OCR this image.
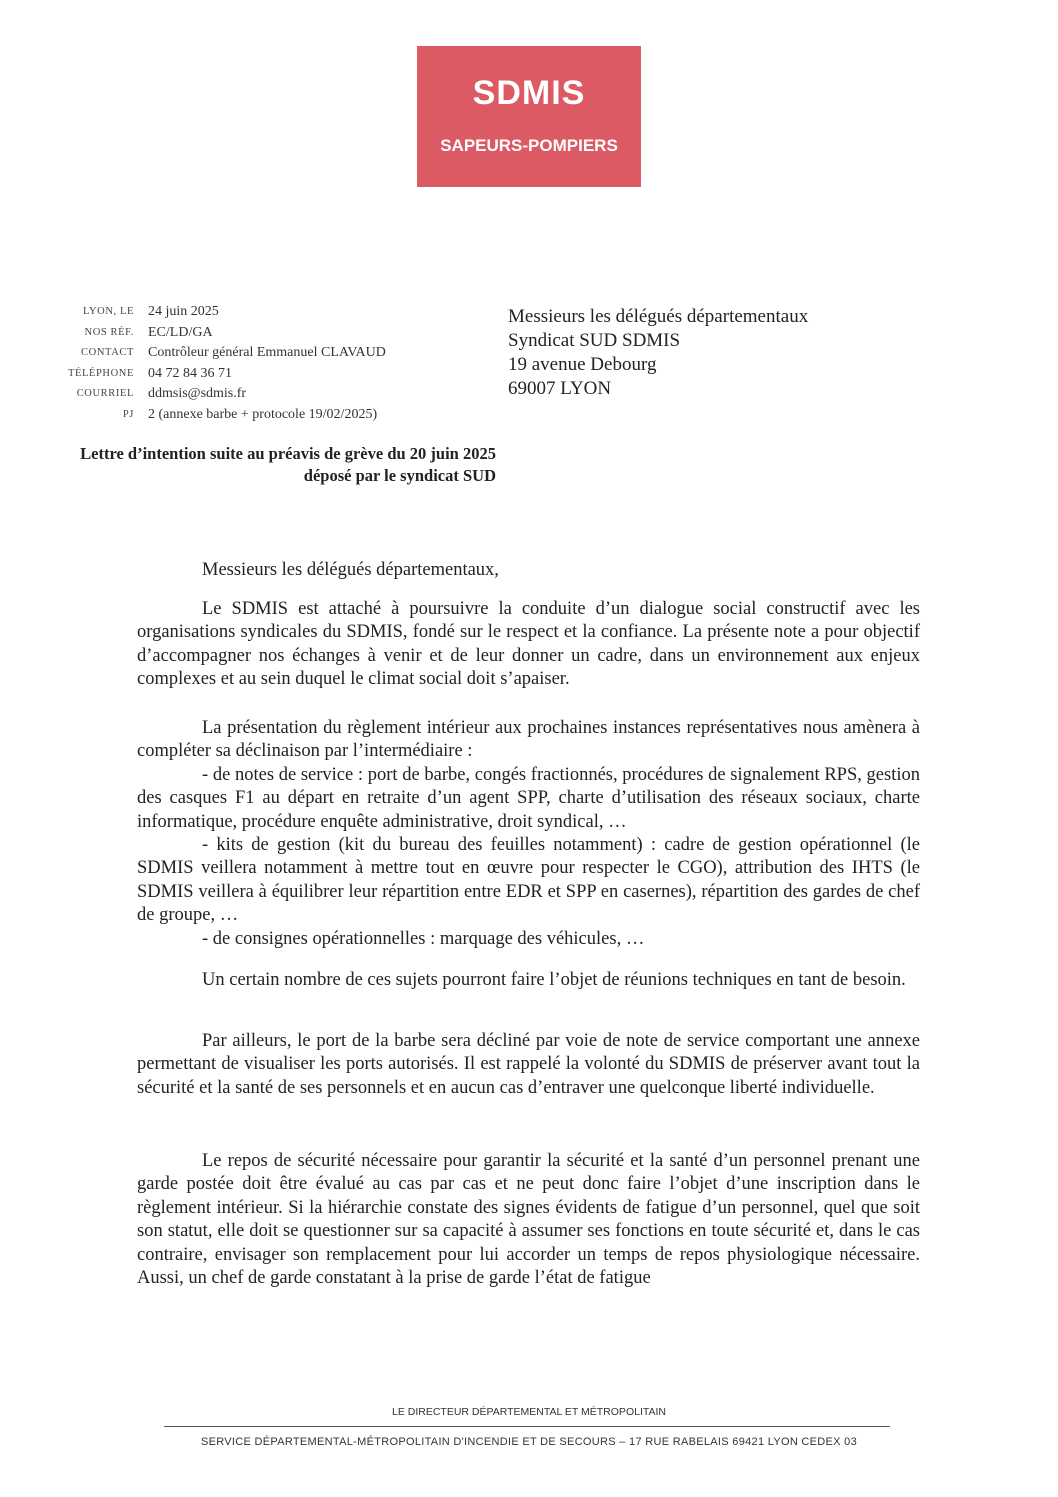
SDMIS
SAPEURS-POMPIERS
LYON, LE	24 juin 2025
NOS RÉF.	EC/LD/GA
CONTACT	Contrôleur général Emmanuel CLAVAUD
TÉLÉPHONE	04 72 84 36 71
COURRIEL	ddmsis@sdmis.fr
PJ	2 (annexe barbe + protocole 19/02/2025)
Messieurs les délégués départementaux
Syndicat SUD SDMIS
19 avenue Debourg
69007 LYON
Lettre d’intention suite au préavis de grève du 20 juin 2025 déposé par le syndicat SUD

Messieurs les délégués départementaux,

Le SDMIS est attaché à poursuivre la conduite d’un dialogue social constructif avec les organisations syndicales du SDMIS, fondé sur le respect et la confiance. La présente note a pour objectif d’accompagner nos échanges à venir et de leur donner un cadre, dans un environnement aux enjeux complexes et au sein duquel le climat social doit s’apaiser.

La présentation du règlement intérieur aux prochaines instances représentatives nous amènera à compléter sa déclinaison par l’intermédiaire :

- de notes de service : port de barbe, congés fractionnés, procédures de signalement RPS, gestion des casques F1 au départ en retraite d’un agent SPP, charte d’utilisation des réseaux sociaux, charte informatique, procédure enquête administrative, droit syndical, …

- kits de gestion (kit du bureau des feuilles notamment) : cadre de gestion opérationnel (le SDMIS veillera notamment à mettre tout en œuvre pour respecter le CGO), attribution des IHTS (le SDMIS veillera à équilibrer leur répartition entre EDR et SPP en casernes), répartition des gardes de chef de groupe, …

- de consignes opérationnelles : marquage des véhicules, …

Un certain nombre de ces sujets pourront faire l’objet de réunions techniques en tant de besoin.

Par ailleurs, le port de la barbe sera décliné par voie de note de service comportant une annexe permettant de visualiser les ports autorisés. Il est rappelé la volonté du SDMIS de préserver avant tout la sécurité et la santé de ses personnels et en aucun cas d’entraver une quelconque liberté individuelle.

Le repos de sécurité nécessaire pour garantir la sécurité et la santé d’un personnel prenant une garde postée doit être évalué au cas par cas et ne peut donc faire l’objet d’une inscription dans le règlement intérieur. Si la hiérarchie constate des signes évidents de fatigue d’un personnel, quel que soit son statut, elle doit se questionner sur sa capacité à assumer ses fonctions en toute sécurité et, dans le cas contraire, envisager son remplacement pour lui accorder un temps de repos physiologique nécessaire. Aussi, un chef de garde constatant à la prise de garde l’état de fatigue

LE DIRECTEUR DÉPARTEMENTAL ET MÉTROPOLITAIN
SERVICE DÉPARTEMENTAL-MÉTROPOLITAIN D'INCENDIE ET DE SECOURS – 17 RUE RABELAIS 69421 LYON CEDEX 03
